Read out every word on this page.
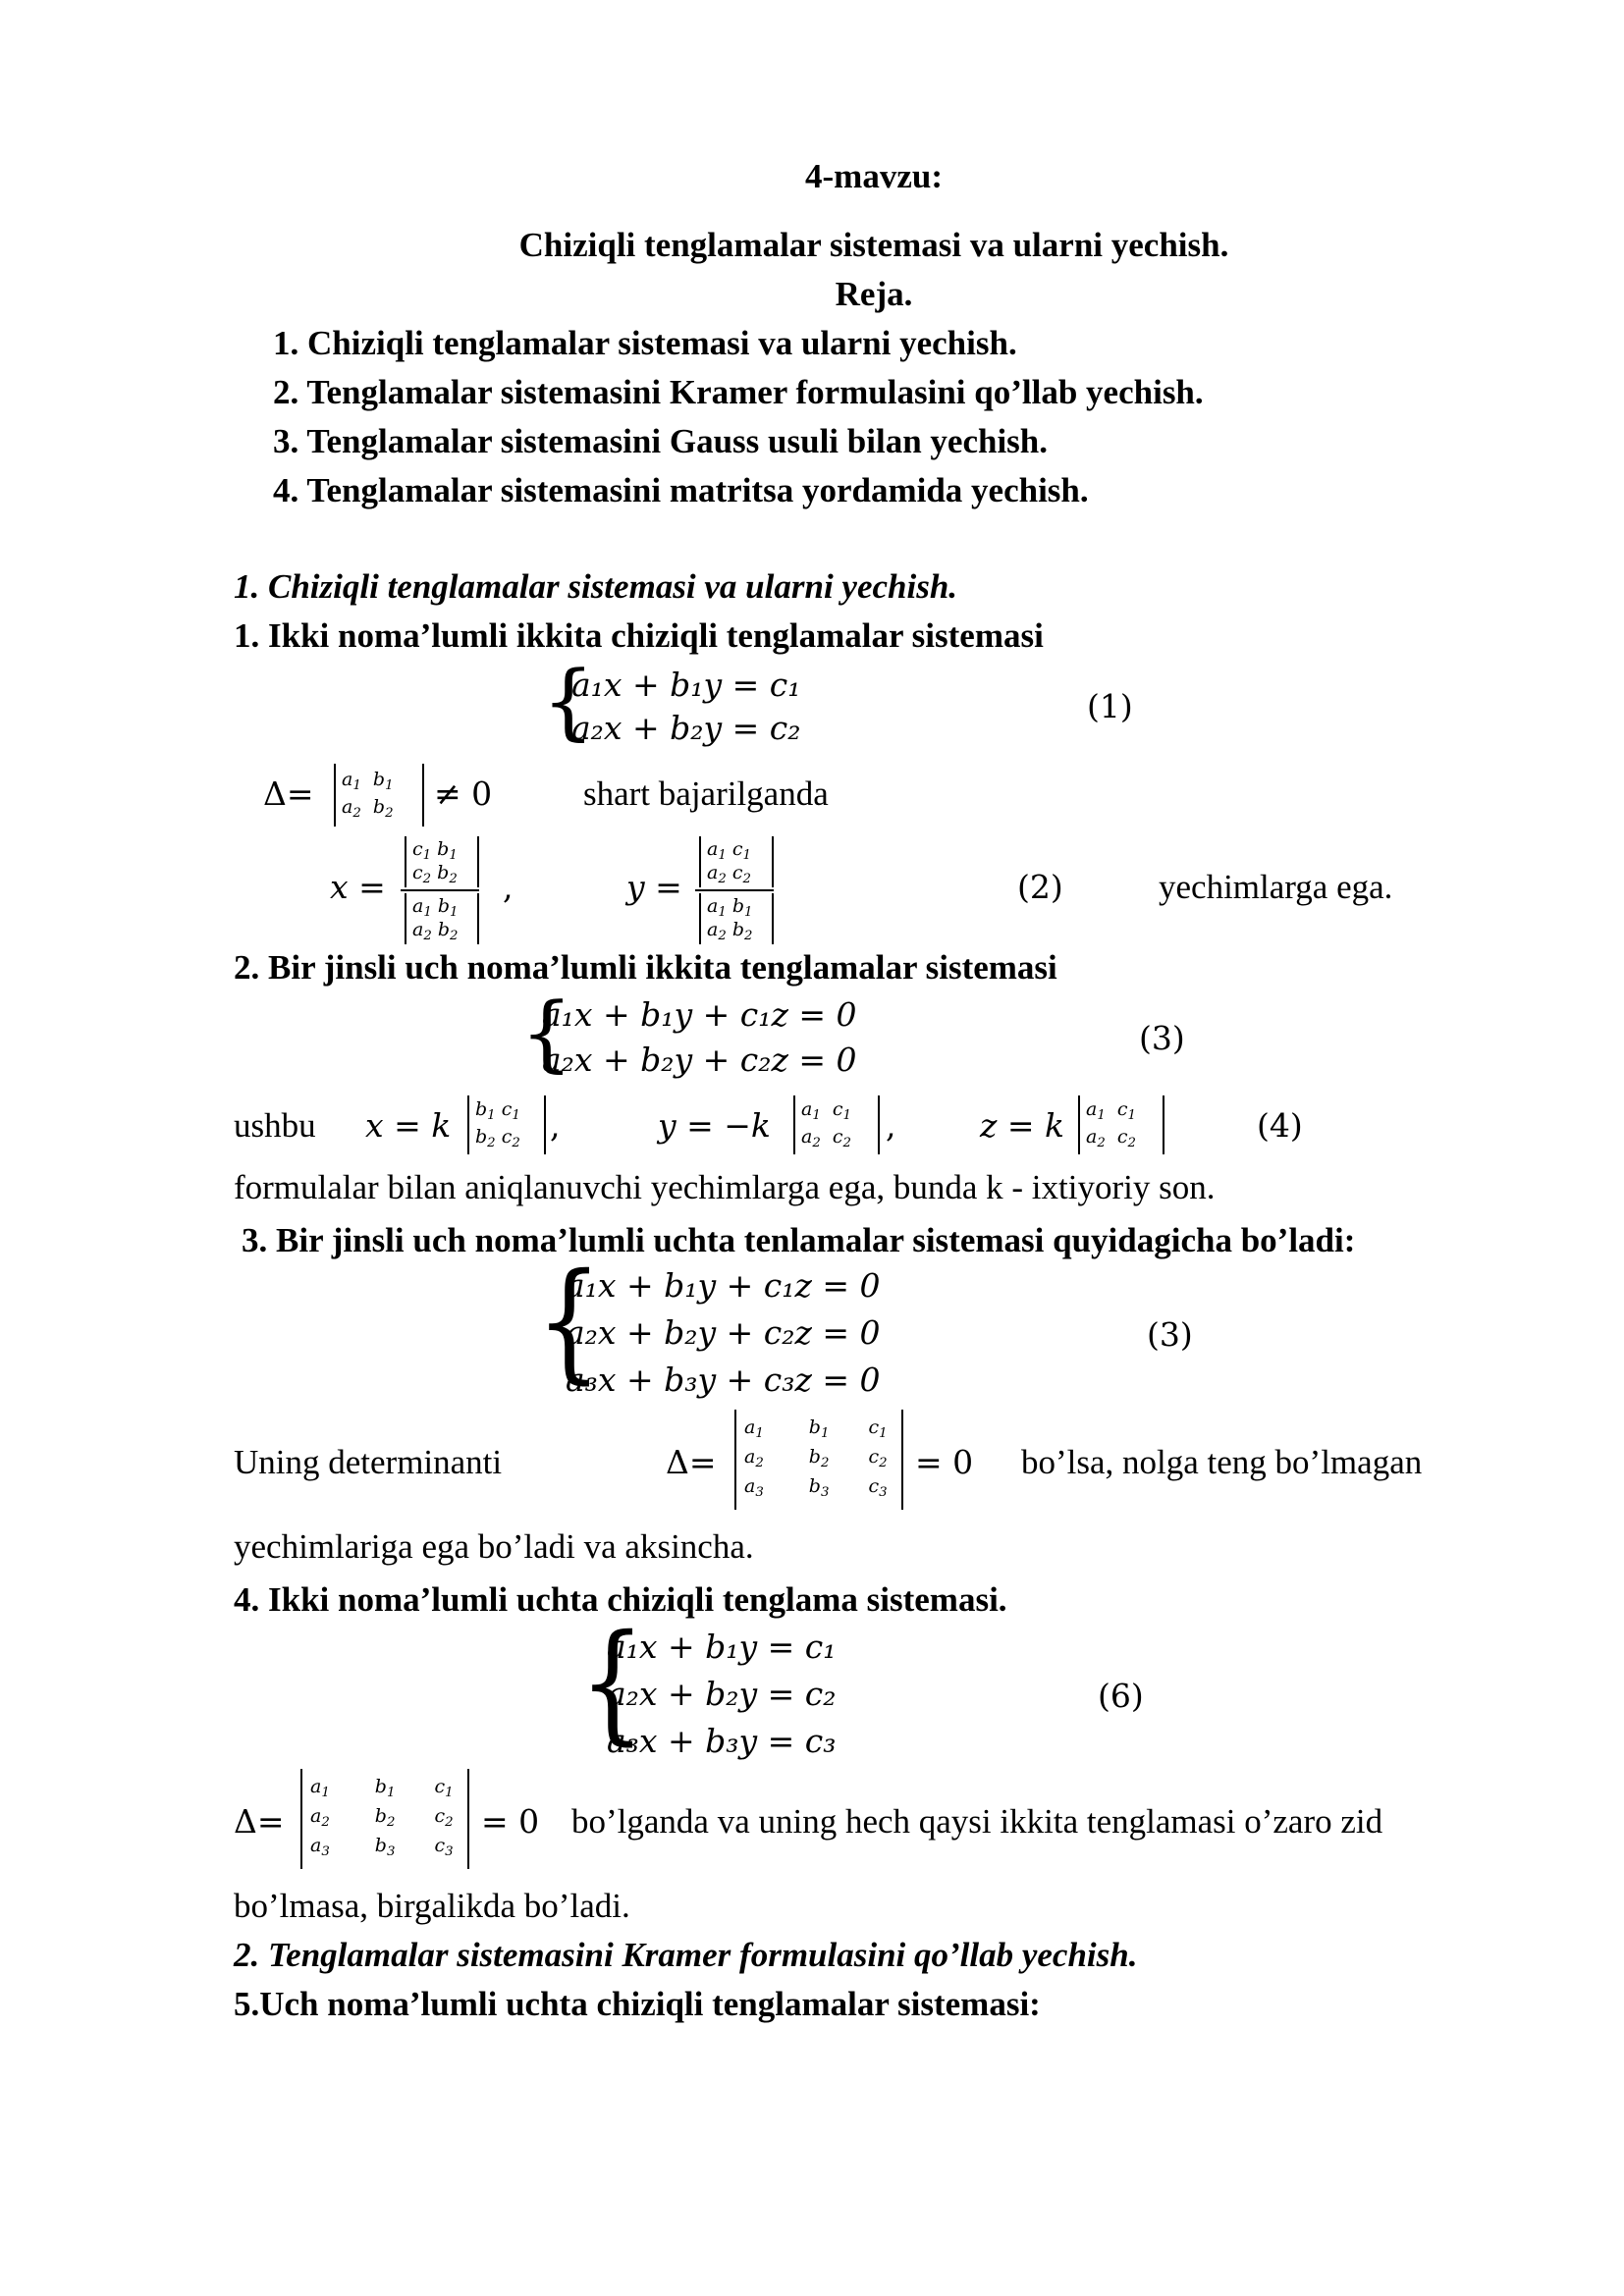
4-mavzu:
Chiziqli tenglamalar sistemasi va ularni yechish.
Reja.
1. Chiziqli tenglamalar sistemasi va ularni yechish.
2. Tenglamalar sistemasini Kramer formulasini qo’llab yechish.
3. Tenglamalar sistemasini Gauss usuli bilan yechish.
4. Tenglamalar sistemasini matritsa yordamida yechish.
1. Chiziqli tenglamalar sistemasi va ularni yechish.
1. Ikki noma’lumli ikkita chiziqli tenglamalar sistemasi
{
a₁x + b₁y = c₁
a₂x + b₂y = c₂
(1)
$\Delta= a_1$ $b_1$
$a_2$ $b_2$
≠ 0	shart bajarilganda
x =
$c_1$ $b_1$
$c_2$ $b_2$
$a_1$ $b_1$
$a_2$ $b_2$
,	y =
$a_1$ $c_1$
$a_2$ $c_2$
$a_1$ $b_1$
$a_2$ $b_2$
(2)	yechimlarga ega.
2. Bir jinsli uch noma’lumli ikkita tenglamalar sistemasi
{
a₁x + b₁y + c₁z = 0
a₂x + b₂y + c₂z = 0
(3)
ushbu x = k $b_1$ $c_1$
$b_2$ $c_2$ ,	y = −k $a_1$ $c_1$
$a_2$ $c_2$	,	z = k $a_1$ $c_1$
$a_2$ $c_2$	(4)
formulalar bilan aniqlanuvchi yechimlarga ega, bunda k - ixtiyoriy son.
3. Bir jinsli uch noma’lumli uchta tenlamalar sistemasi quyidagicha bo’ladi:
{
a₁x + b₁y + c₁z = 0
a₂x + b₂y + c₂z = 0
a₃x + b₃y + c₃z = 0
(3)
Uning determinanti	Δ=
$a_1$ $b_1$ $c_1$
$a_2$ $b_2$ $c_2$
$a_3$ $b_3$ $c_3$
= 0 bo’lsa, nolga teng bo’lmagan
yechimlariga ega bo’ladi va aksincha.
4. Ikki noma’lumli uchta chiziqli tenglama sistemasi.
{
a₁x + b₁y = c₁
a₂x + b₂y = c₂
a₃x + b₃y = c₃
(6)
Δ=
$a_1$ $b_1$ $c_1$
$a_2$ $b_2$ $c_2$
$a_3$ $b_3$ $c_3$
= 0 bo’lganda va uning hech qaysi ikkita tenglamasi o’zaro zid
bo’lmasa, birgalikda bo’ladi.
2. Tenglamalar sistemasini Kramer formulasini qo’llab yechish.
5.Uch noma’lumli uchta chiziqli tenglamalar sistemasi:
